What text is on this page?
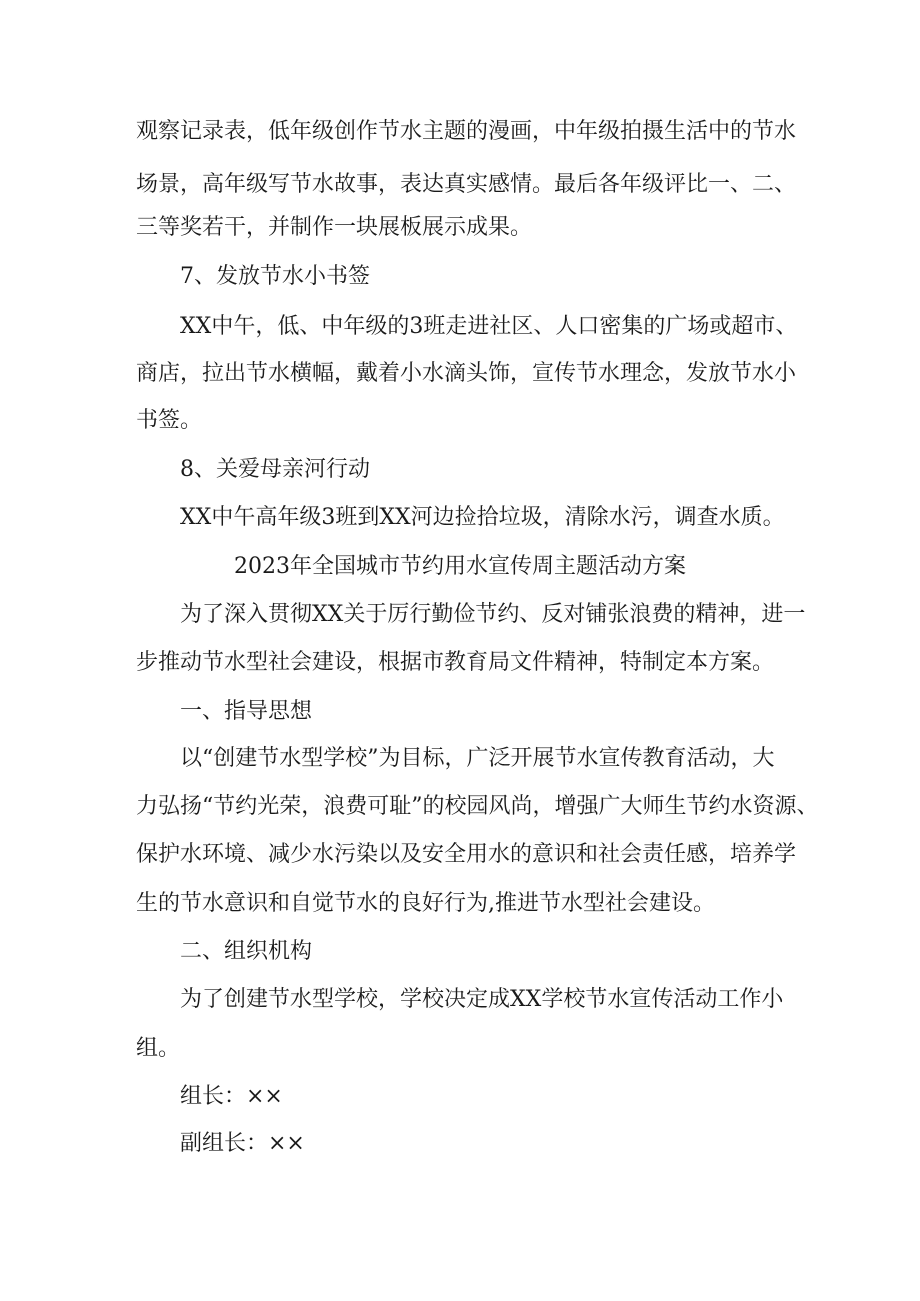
观察记录表，低年级创作节水主题的漫画，中年级拍摄生活中的节水
场景，高年级写节水故事，表达真实感情。最后各年级评比一、二、
三等奖若干，并制作一块展板展示成果。
7、发放节水小书签
XX中午，低、中年级的3班走进社区、人口密集的广场或超市、
商店，拉出节水横幅，戴着小水滴头饰，宣传节水理念，发放节水小
书签。
8、关爱母亲河行动
XX中午高年级3班到XX河边捡拾垃圾，清除水污，调查水质。
2023年全国城市节约用水宣传周主题活动方案
为了深入贯彻XX关于厉行勤俭节约、反对铺张浪费的精神，进一
步推动节水型社会建设，根据市教育局文件精神，特制定本方案。
一、指导思想
以“创建节水型学校”为目标，广泛开展节水宣传教育活动，大
力弘扬“节约光荣，浪费可耻”的校园风尚，增强广大师生节约水资源、
保护水环境、减少水污染以及安全用水的意识和社会责任感，培养学
生的节水意识和自觉节水的良好行为,推进节水型社会建设。
二、组织机构
为了创建节水型学校，学校决定成XX学校节水宣传活动工作小
组。
组长：××
副组长：××
